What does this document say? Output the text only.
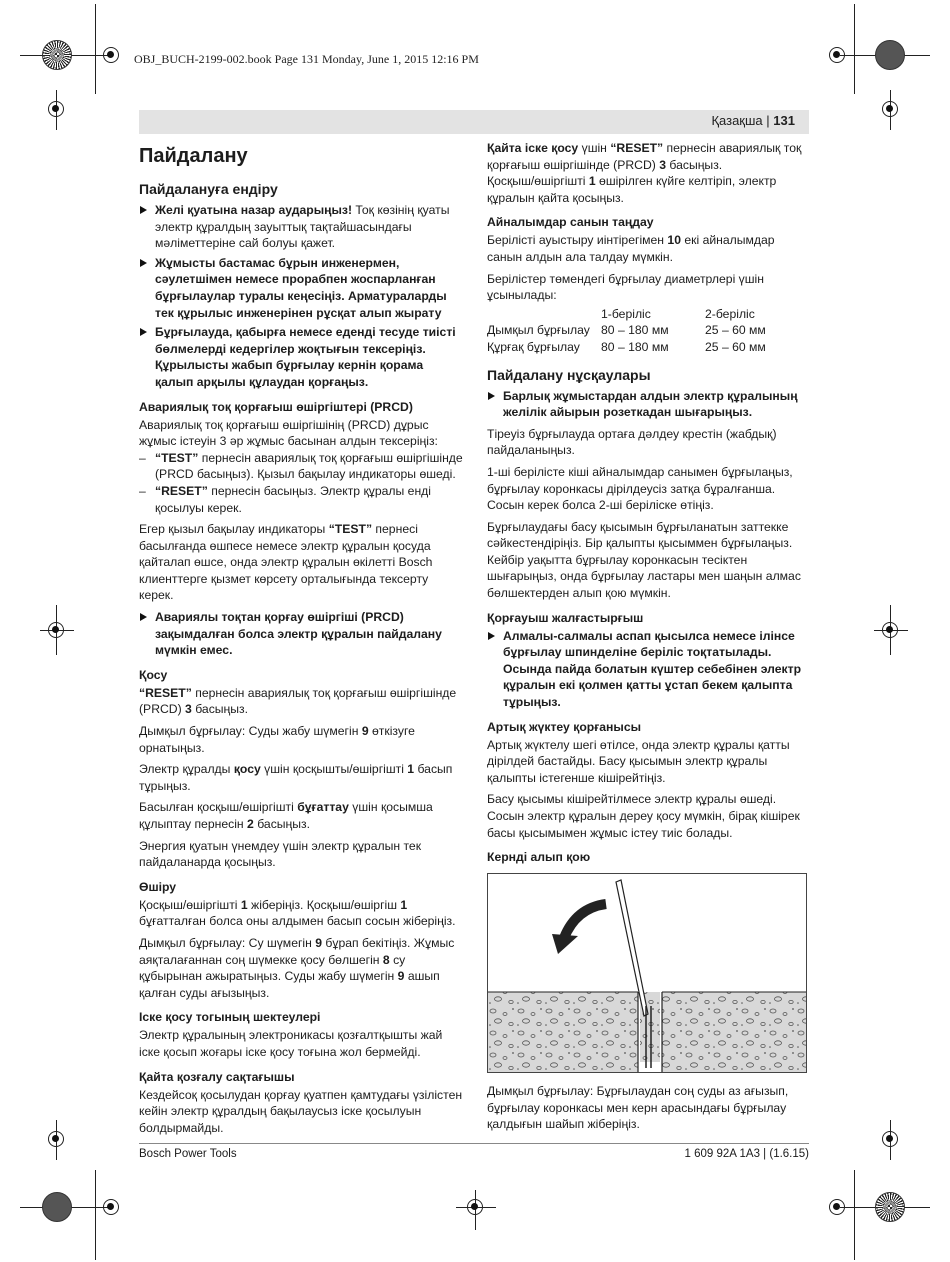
OBJ_BUCH-2199-002.book Page 131 Monday, June 1, 2015 12:16 PM
Қазақша | 131
Пайдалану
Пайдалануға ендіру
Желі қуатына назар аударыңыз! Тоқ көзінің қуаты электр құралдың зауыттық тақтайшасындағы мәліметтеріне сай болуы қажет.
Жұмысты бастамас бұрын инженермен, сәулетшімен немесе прорабпен жоспарланған бұрғылаулар туралы кеңесіңіз. Арматураларды тек құрылыс инженерінен рұсқат алып жырату
Бұрғылауда, қабырға немесе еденді тесуде тиісті бөлмелерді кедергілер жоқтығын тексеріңіз. Құрылысты жабып бұрғылау кернін қорама қалып арқылы құлаудан қорғаңыз.
Авариялық тоқ қорғағыш өшіргіштері (PRCD)

Авариялық тоқ қорғағыш өшіргішінің (PRCD) дұрыс жұмыс істеуін 3 әр жұмыс басынан алдын тексеріңіз:

– “TEST” пернесін авариялық тоқ қорғағыш өшіргішінде (PRCD басыңыз). Қызыл бақылау индикаторы өшеді.
– “RESET” пернесін басыңыз. Электр құралы енді қосылуы керек.

Егер қызыл бақылау индикаторы “TEST” пернесі басылғанда өшпесе немесе электр құралын қосуда қайталап өшсе, онда электр құралын өкілетті Bosch клиенттерге қызмет көрсету орталығында тексерту керек.

Авариялы тоқтан қорғау өшіргіші (PRCD) зақымдалған болса электр құралын пайдалану мүмкін емес.
Қосу

“RESET” пернесін авариялық тоқ қорғағыш өшіргішінде (PRCD) 3 басыңыз.

Дымқыл бұрғылау: Суды жабу шүмегін 9 өткізуге орнатыңыз.

Электр құралды қосу үшін қосқышты/өшіргішті 1 басып тұрыңыз.

Басылған қосқыш/өшіргішті бұғаттау үшін қосымша құлыптау пернесін 2 басыңыз.

Энергия қуатын үнемдеу үшін электр құралын тек пайдаланарда қосыңыз.

Өшіру

Қосқыш/өшіргішті 1 жіберіңіз. Қосқыш/өшіргіш 1 бұғатталған болса оны алдымен басып сосын жіберіңіз.

Дымқыл бұрғылау: Су шүмегін 9 бұрап бекітіңіз. Жұмыс аяқталағаннан соң шүмекке қосу бөлшегін 8 су құбырынан ажыратыңыз. Суды жабу шүмегін 9 ашып қалған суды ағызыңыз.

Іске қосу тогының шектеулері

Электр құралының электроникасы қозғалтқышты жай іске қосып жоғары іске қосу тоғына жол бермейді.

Қайта қозғалу сақтағышы

Кездейсоқ қосылудан қорғау қуатпен қамтудағы үзілістен кейін электр құралдың бақылаусыз іске қосылуын болдырмайды.

Қайта іске қосу үшін “RESET” пернесін авариялық тоқ қорғағыш өшіргішінде (PRCD) 3 басыңыз.

Қосқыш/өшіргішті 1 өшірілген күйге келтіріп, электр құралын қайта қосыңыз.

Айналымдар санын таңдау

Берілісті ауыстыру иінтірегімен 10 екі айналымдар санын алдын ала талдау мүмкін.

Берілістер төмендегі бұрғылау диаметрлері үшін ұсынылады:

	1-беріліс	2-беріліс
Дымқыл бұрғылау	80 – 180 мм	25 – 60 мм
Құрғақ бұрғылау	80 – 180 мм	25 – 60 мм
Пайдалану нұсқаулары
Барлық жұмыстардан алдын электр құралының желілік айырын розеткадан шығарыңыз.

Тіреуіз бұрғылауда ортаға дәлдеу крестін (жабдық) пайдаланыңыз.

1-ші берілісте кіші айналымдар санымен бұрғылаңыз, бұрғылау коронкасы дірілдеусіз затқа бұралғанша. Сосын керек болса 2-ші берілiске өтіңіз.

Бұрғылаудағы басу қысымын бұрғыланатын заттекке сәйкестендіріңіз. Бір қалыпты қысыммен бұрғылаңыз. Кейбір уақытта бұрғылау коронкасын тесіктен шығарыңыз, онда бұрғылау ластары мен шаңын алмас бөлшектерден алып қою мүмкін.

Қорғауыш жалғастырғыш
Алмалы-салмалы аспап қысылса немесе ілінсе бұрғылау шпинделіне беріліс тоқтатылады. Осында пайда болатын күштер себебінен электр құралын екі қолмен қатты ұстап бекем қалыпта тұрыңыз.
Артық жүктеу қорғанысы

Артық жүктелу шегі өтілсе, онда электр құралы қатты дірілдей бастайды. Басу қысымын электр құралы қалыпты істегенше кішірейтіңіз.

Басу қысымы кішірейтілмесе электр құралы өшеді. Сосын электр құралын дереу қосу мүмкін, бірақ кішірек басы қысымымен жұмыс істеу тиіс болады.

Керндi алып қою

Дымқыл бұрғылау: Бұрғылаудан соң суды аз ағызып, бұрғылау коронкасы мен керн арасындағы бұрғылау қалдығын шайып жіберіңіз.

Bosch Power Tools	1 609 92A 1A3 | (1.6.15)
